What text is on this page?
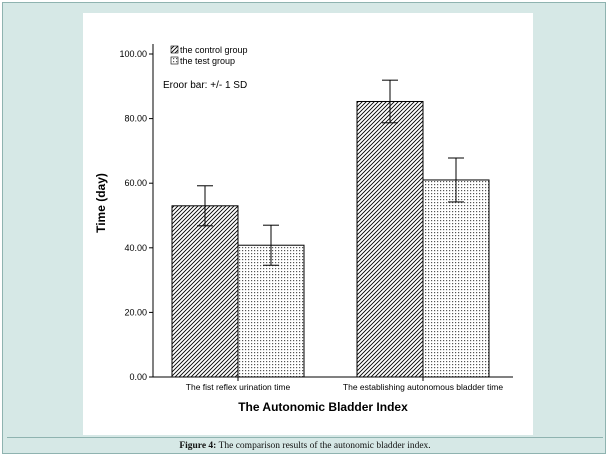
0.00
20.00
40.00
60.00
80.00
100.00
The fist reflex urination time	The establishing autonomous bladder time
the control group
the test group
Eroor bar: +/- 1 SD
Time (day)
The Autonomic Bladder Index
Figure 4: The comparison results of the autonomic bladder index.
